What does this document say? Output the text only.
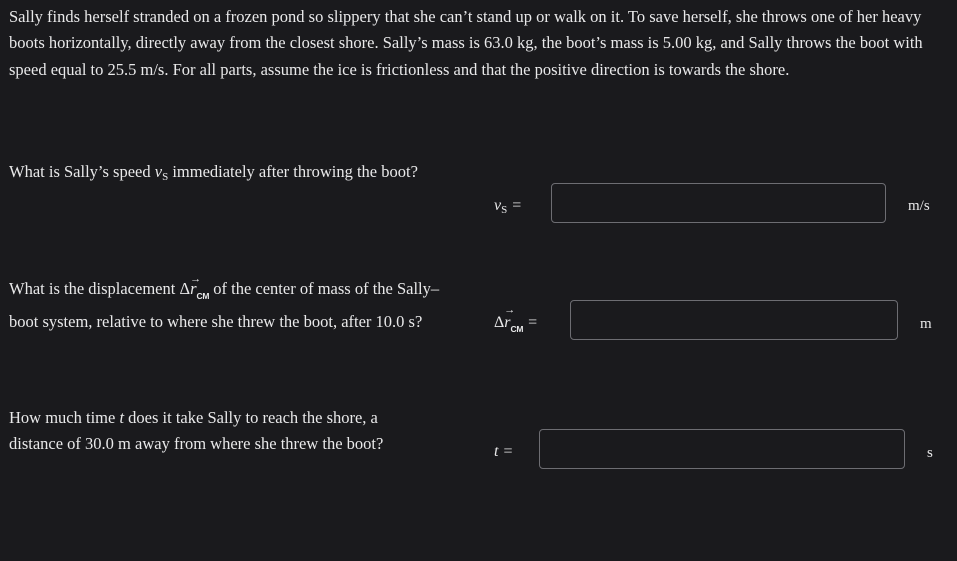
Sally finds herself stranded on a frozen pond so slippery that she can’t stand up or walk on it. To save herself, she throws one of her heavy boots horizontally, directly away from the closest shore. Sally’s mass is 63.0 kg, the boot’s mass is 5.00 kg, and Sally throws the boot with speed equal to 25.5 m/s. For all parts, assume the ice is frictionless and that the positive direction is towards the shore.

What is Sally’s speed $v_S$ immediately after throwing the boot?

$v_S$ =	m/s

What is the displacement $\Delta\to r_{CM}$ of the center of mass of the Sally–boot system, relative to where she threw the boot, after 10.0 s?	$\Delta\to r_{CM}$ =	m

How much time t does it take Sally to reach the shore, a distance of 30.0 m away from where she threw the boot?	t =	s
